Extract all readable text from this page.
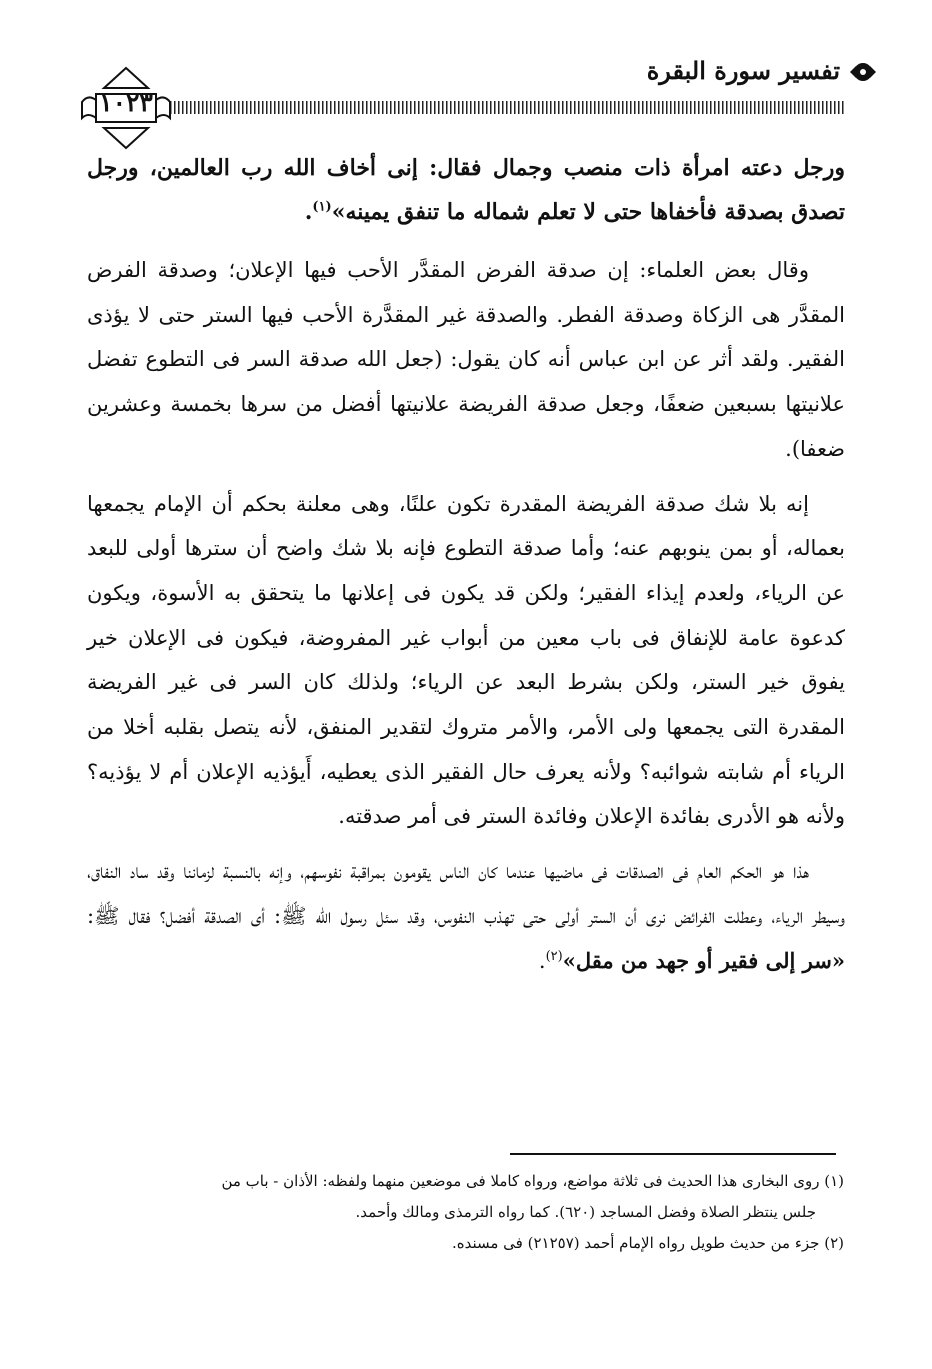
تفسير سورة البقرة
١٠٢٣

ورجل دعته امرأة ذات منصب وجمال فقال: إنى أخاف الله رب العالمين، ورجل تصدق بصدقة فأخفاها حتى لا تعلم شماله ما تنفق يمينه»$^{(١)}$.

وقال بعض العلماء: إن صدقة الفرض المقدَّر الأحب فيها الإعلان؛ وصدقة الفرض المقدَّر هى الزكاة وصدقة الفطر. والصدقة غير المقدَّرة الأحب فيها الستر حتى لا يؤذى الفقير. ولقد أثر عن ابن عباس أنه كان يقول: (جعل الله صدقة السر فى التطوع تفضل علانيتها بسبعين ضعفًا، وجعل صدقة الفريضة علانيتها أفضل من سرها بخمسة وعشرين ضعفا).

إنه بلا شك صدقة الفريضة المقدرة تكون علنًا، وهى معلنة بحكم أن الإمام يجمعها بعماله، أو بمن ينوبهم عنه؛ وأما صدقة التطوع فإنه بلا شك واضح أن سترها أولى للبعد عن الرياء، ولعدم إيذاء الفقير؛ ولكن قد يكون فى إعلانها ما يتحقق به الأسوة، ويكون كدعوة عامة للإنفاق فى باب معين من أبواب غير المفروضة، فيكون فى الإعلان خير يفوق خير الستر، ولكن بشرط البعد عن الرياء؛ ولذلك كان السر فى غير الفريضة المقدرة التى يجمعها ولى الأمر، والأمر متروك لتقدير المنفق، لأنه يتصل بقلبه أخلا من الرياء أم شابته شوائبه؟ ولأنه يعرف حال الفقير الذى يعطيه، أَيؤذيه الإعلان أم لا يؤذيه؟ ولأنه هو الأدرى بفائدة الإعلان وفائدة الستر فى أمر صدقته.

هذا هو الحكم العام فى الصدقات فى ماضيها عندما كان الناس يقومون بمراقبة نفوسهم، وإنه بالنسبة لزماننا وقد ساد النفاق، وسيطر الرياء، وعطلت الفرائض نرى أن الستر أولى حتى تهذب النفوس، وقد سئل رسول الله ﷺ: أى الصدقة أفضل؟ فقال ﷺ: «سر إلى فقير أو جهد من مقل»$^{(٢)}$.

(١) روى البخارى هذا الحديث فى ثلاثة مواضع، ورواه كاملا فى موضعين منهما ولفظه: الأذان - باب من

جلس ينتظر الصلاة وفضل المساجد (٦٢٠). كما رواه الترمذى ومالك وأحمد.

(٢) جزء من حديث طويل رواه الإمام أحمد (٢١٢٥٧) فى مسنده.
